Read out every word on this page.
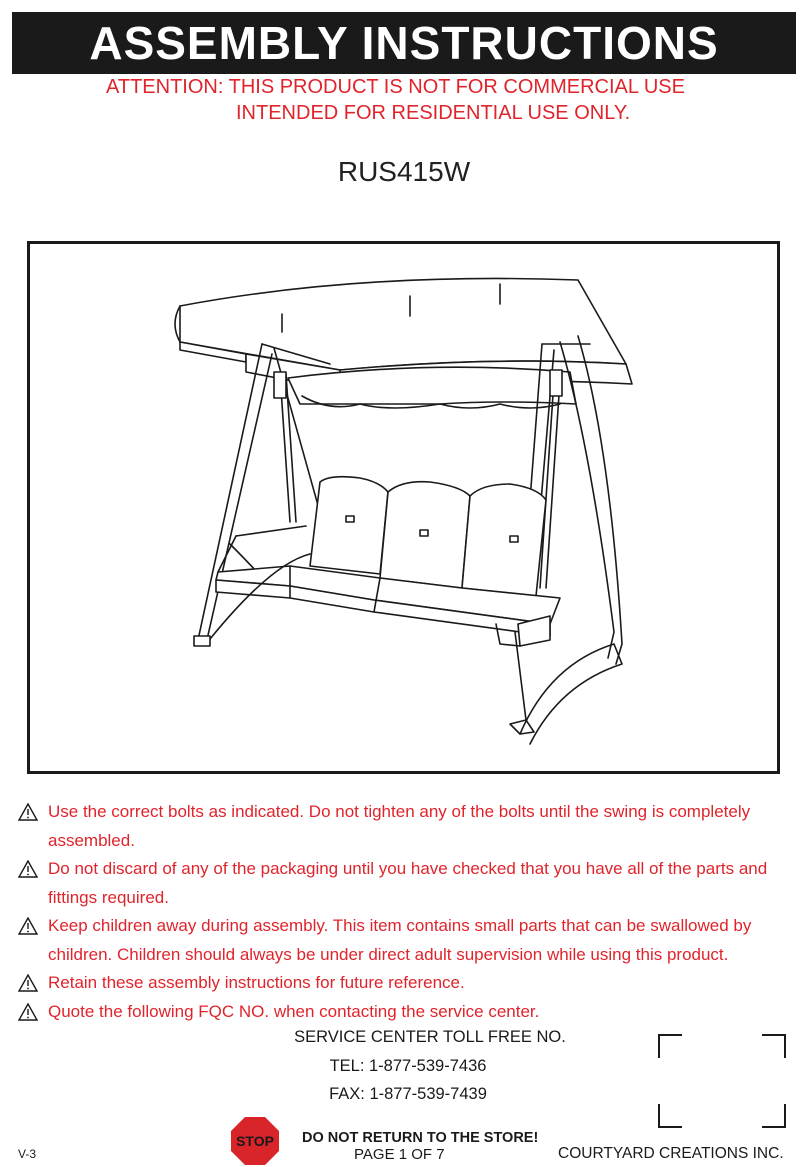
ASSEMBLY INSTRUCTIONS
ATTENTION: THIS PRODUCT IS NOT FOR COMMERCIAL USE
INTENDED FOR RESIDENTIAL USE ONLY.
RUS415W
Use the correct bolts as indicated. Do not tighten any of the bolts until the swing is completely assembled.
Do not discard of any of the packaging until you have checked that you have all of the parts and fittings required.
Keep children away during assembly. This item contains small parts that can be swallowed by children. Children should always be under direct adult supervision while using this product.
Retain these assembly instructions for future reference.
Quote the following FQC NO. when contacting the service center.
SERVICE CENTER TOLL FREE NO.
TEL: 1-877-539-7436
FAX: 1-877-539-7439
STOP	DO NOT RETURN TO THE STORE!
V-3	PAGE 1 OF 7	COURTYARD CREATIONS INC.
